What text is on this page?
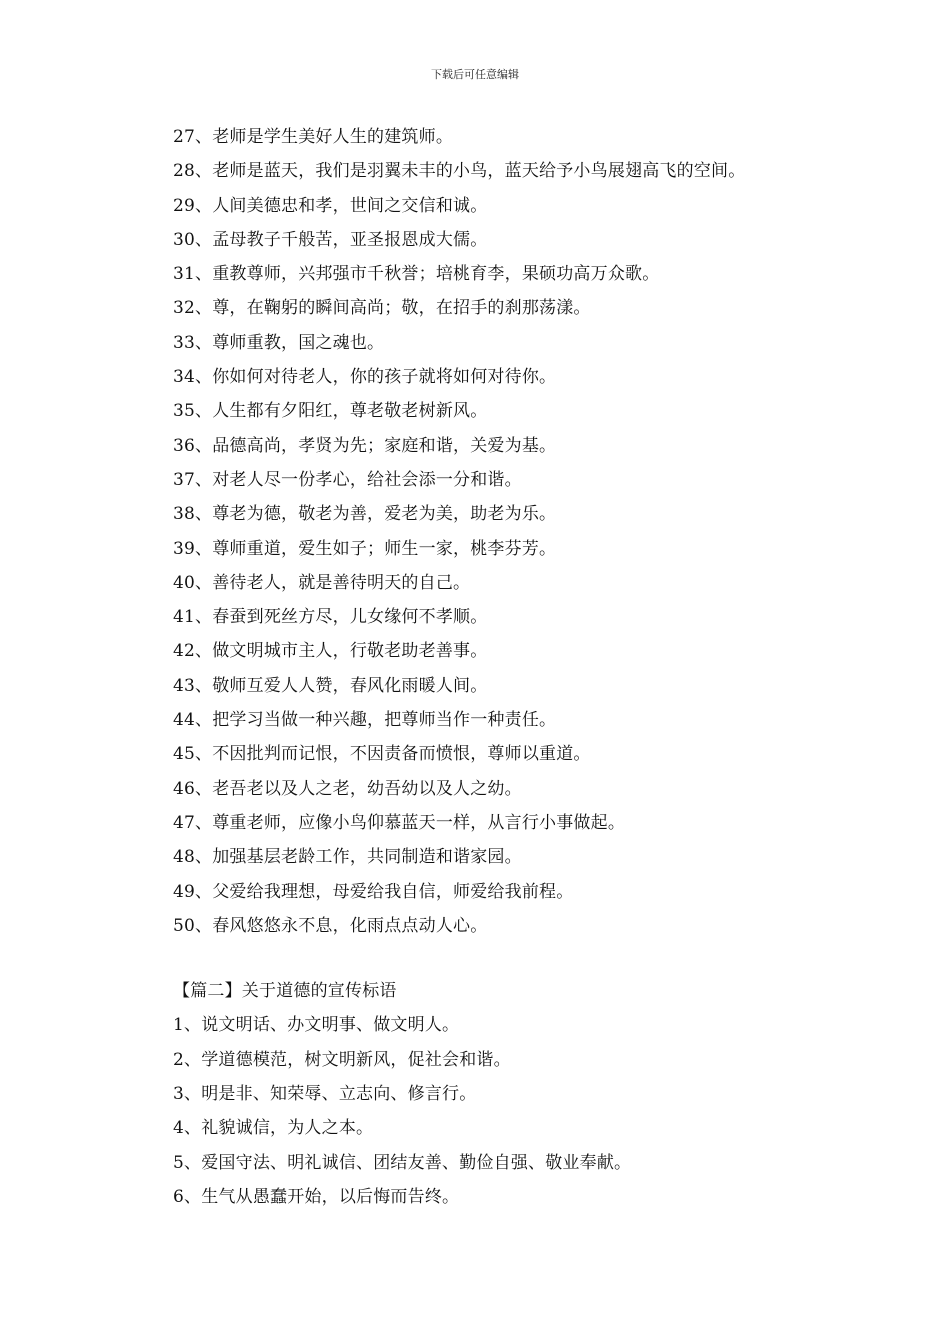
下载后可任意编辑
27、老师是学生美好人生的建筑师。
28、老师是蓝天，我们是羽翼未丰的小鸟，蓝天给予小鸟展翅高飞的空间。
29、人间美德忠和孝，世间之交信和诚。
30、孟母教子千般苦，亚圣报恩成大儒。
31、重教尊师，兴邦强市千秋誉；培桃育李，果硕功高万众歌。
32、尊，在鞠躬的瞬间高尚；敬，在招手的刹那荡漾。
33、尊师重教，国之魂也。
34、你如何对待老人，你的孩子就将如何对待你。
35、人生都有夕阳红，尊老敬老树新风。
36、品德高尚，孝贤为先；家庭和谐，关爱为基。
37、对老人尽一份孝心，给社会添一分和谐。
38、尊老为德，敬老为善，爱老为美，助老为乐。
39、尊师重道，爱生如子；师生一家，桃李芬芳。
40、善待老人，就是善待明天的自己。
41、春蚕到死丝方尽，儿女缘何不孝顺。
42、做文明城市主人，行敬老助老善事。
43、敬师互爱人人赞，春风化雨暖人间。
44、把学习当做一种兴趣，把尊师当作一种责任。
45、不因批判而记恨，不因责备而愤恨，尊师以重道。
46、老吾老以及人之老，幼吾幼以及人之幼。
47、尊重老师，应像小鸟仰慕蓝天一样，从言行小事做起。
48、加强基层老龄工作，共同制造和谐家园。
49、父爱给我理想，母爱给我自信，师爱给我前程。
50、春风悠悠永不息，化雨点点动人心。
【篇二】关于道德的宣传标语
1、说文明话、办文明事、做文明人。
2、学道德模范，树文明新风，促社会和谐。
3、明是非、知荣辱、立志向、修言行。
4、礼貌诚信，为人之本。
5、爱国守法、明礼诚信、团结友善、勤俭自强、敬业奉献。
6、生气从愚蠢开始，以后悔而告终。
